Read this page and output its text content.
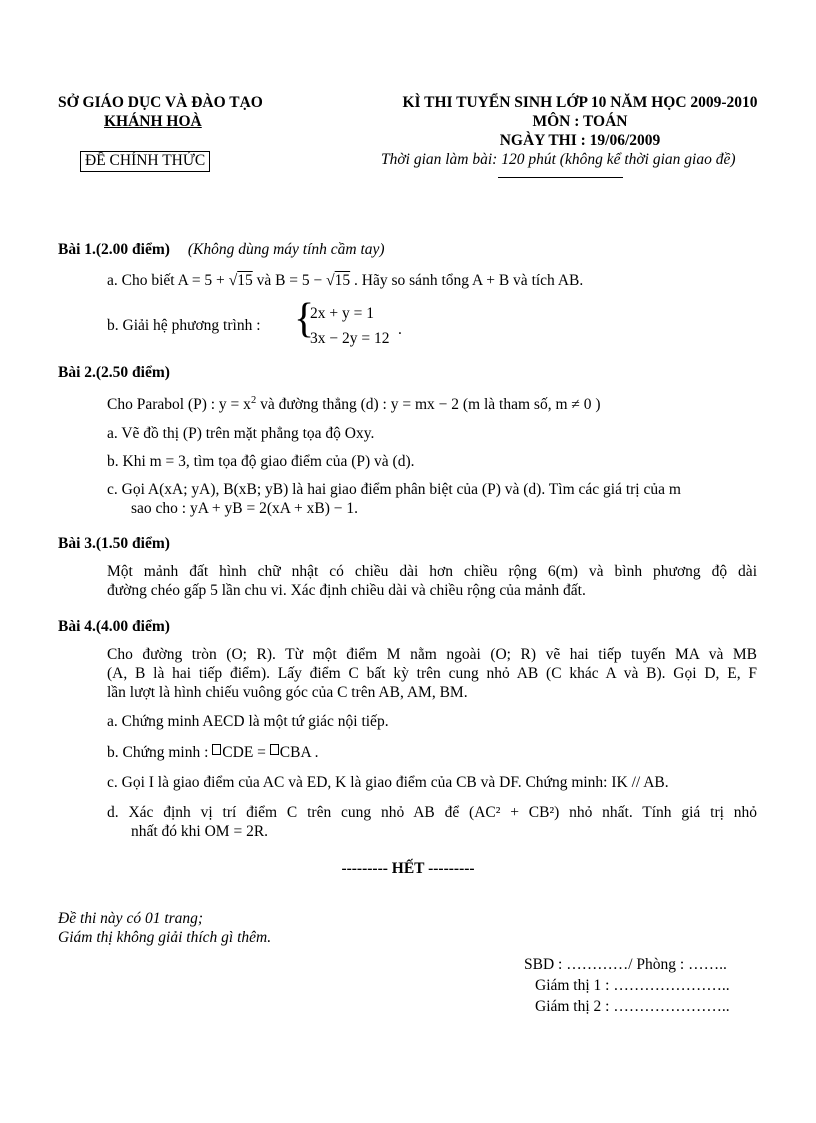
SỞ GIÁO DỤC VÀ ĐÀO TẠO
KHÁNH HOÀ
ĐỀ CHÍNH THỨC
KÌ THI TUYỂN SINH LỚP 10 NĂM HỌC 2009-2010
MÔN : TOÁN
NGÀY THI : 19/06/2009
Thời gian làm bài: 120 phút (không kể thời gian giao đề)
Bài 1.(2.00 điểm) (Không dùng máy tính cầm tay)
a. Cho biết A = 5 + √15 và B = 5 − √15 . Hãy so sánh tổng A + B và tích AB.
b. Giải hệ phương trình : {
2x + y = 1
3x − 2y = 12
.
Bài 2.(2.50 điểm)
Cho Parabol (P) : $y = x^2$ và đường thẳng (d) : y = mx − 2 (m là tham số, m ≠ 0 )
a. Vẽ đồ thị (P) trên mặt phẳng tọa độ Oxy.
b. Khi m = 3, tìm tọa độ giao điểm của (P) và (d).
c. Gọi A(xA; yA), B(xB; yB) là hai giao điểm phân biệt của (P) và (d). Tìm các giá trị của m
sao cho : yA + yB = 2(xA + xB) − 1.
Bài 3.(1.50 điểm)
Một mảnh đất hình chữ nhật có chiều dài hơn chiều rộng 6(m) và bình phương độ dài
đường chéo gấp 5 lần chu vi. Xác định chiều dài và chiều rộng của mảnh đất.
Bài 4.(4.00 điểm)
Cho đường tròn (O; R). Từ một điểm M nằm ngoài (O; R) vẽ hai tiếp tuyến MA và MB
(A, B là hai tiếp điểm). Lấy điểm C bất kỳ trên cung nhỏ AB (C khác A và B). Gọi D, E, F
lần lượt là hình chiếu vuông góc của C trên AB, AM, BM.
a. Chứng minh AECD là một tứ giác nội tiếp.
b. Chứng minh : CDE = CBA .
c. Gọi I là giao điểm của AC và ED, K là giao điểm của CB và DF. Chứng minh: IK // AB.
d. Xác định vị trí điểm C trên cung nhỏ AB để (AC² + CB²) nhỏ nhất. Tính giá trị nhỏ
nhất đó khi OM = 2R.
--------- HẾT ---------
Đề thi này có 01 trang;
Giám thị không giải thích gì thêm.
SBD : …………/ Phòng : ……..
Giám thị 1 : …………………..
Giám thị 2 : …………………..
